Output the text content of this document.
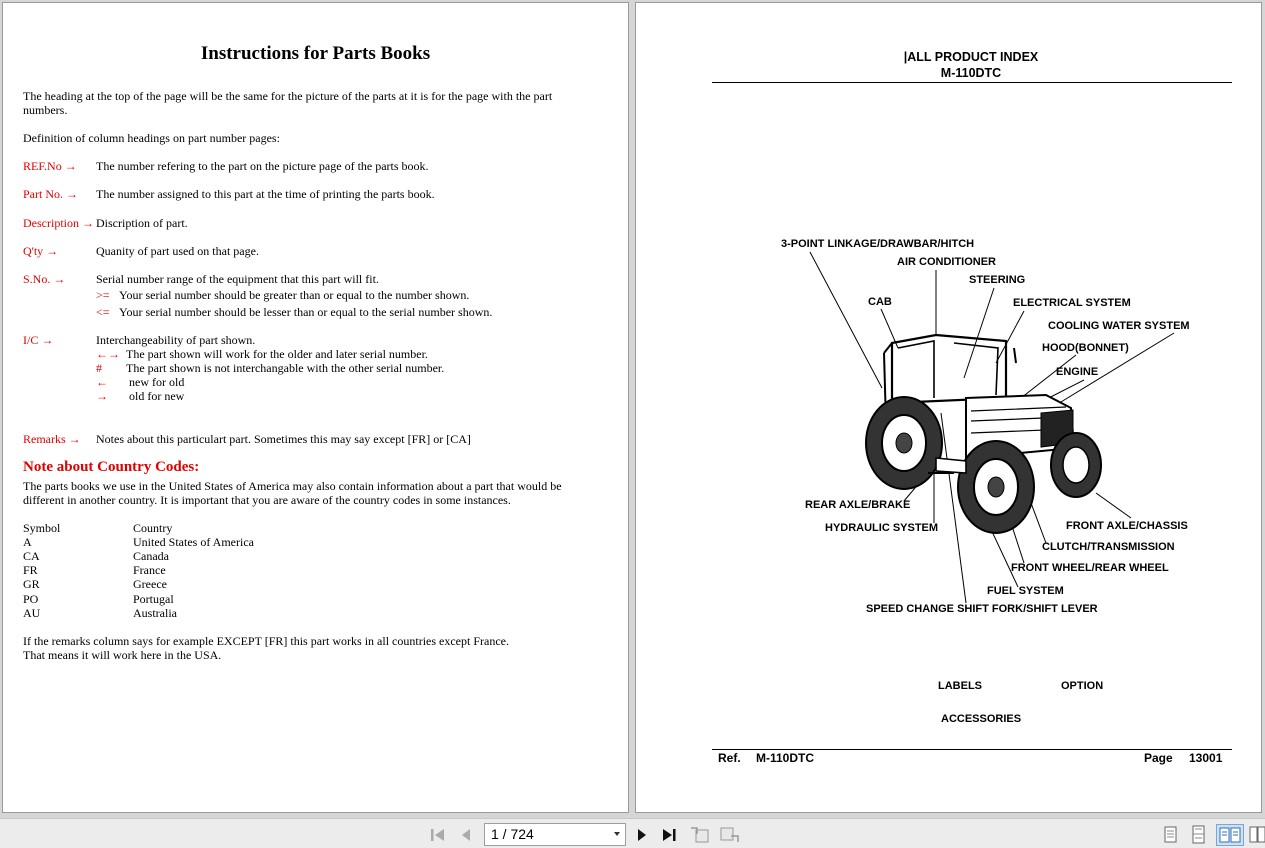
Instructions for Parts Books
The heading at the top of the page will be the same for the picture of the parts at it is for the page with the part numbers.
Definition of column headings on part number pages:
REF.No → The number refering to the part on the picture page of the parts book.
Part No. → The number assigned to this part at the time of printing the parts book.
Description → Discription of part.
Q'ty →	Quanity of part used on that page.
S.No. →	Serial number range of the equipment that this part will fit.
>= Your serial number should be greater than or equal to the number shown.
<= Your serial number should be lesser than or equal to the serial number shown.
I/C →	Interchangeability of part shown.
←→ The part shown will work for the older and later serial number.
# The part shown is not interchangable with the other serial number.
← new for old
→ old for new
Remarks → Notes about this particulart part. Sometimes this may say except [FR] or [CA]
Note about Country Codes:
The parts books we use in the United States of America may also contain information about a part that would be
different in another country. It is important that you are aware of the country codes in some instances.
Symbol	Country
A	United States of America
CA	Canada
FR	France
GR	Greece
PO	Portugal
AU	Australia
If the remarks column says for example EXCEPT [FR] this part works in all countries except France.
That means it will work here in the USA.
|ALL PRODUCT INDEX
M-110DTC
3-POINT LINKAGE/DRAWBAR/HITCH
AIR CONDITIONER
STEERING
CAB	ELECTRICAL SYSTEM
COOLING WATER SYSTEM
HOOD(BONNET)
ENGINE
REAR AXLE/BRAKE
HYDRAULIC SYSTEM	FRONT AXLE/CHASSIS
CLUTCH/TRANSMISSION
FRONT WHEEL/REAR WHEEL
FUEL SYSTEM
SPEED CHANGE SHIFT FORK/SHIFT LEVER
LABELS	OPTION
ACCESSORIES
Ref. M-110DTC	Page 13001
1 / 724
